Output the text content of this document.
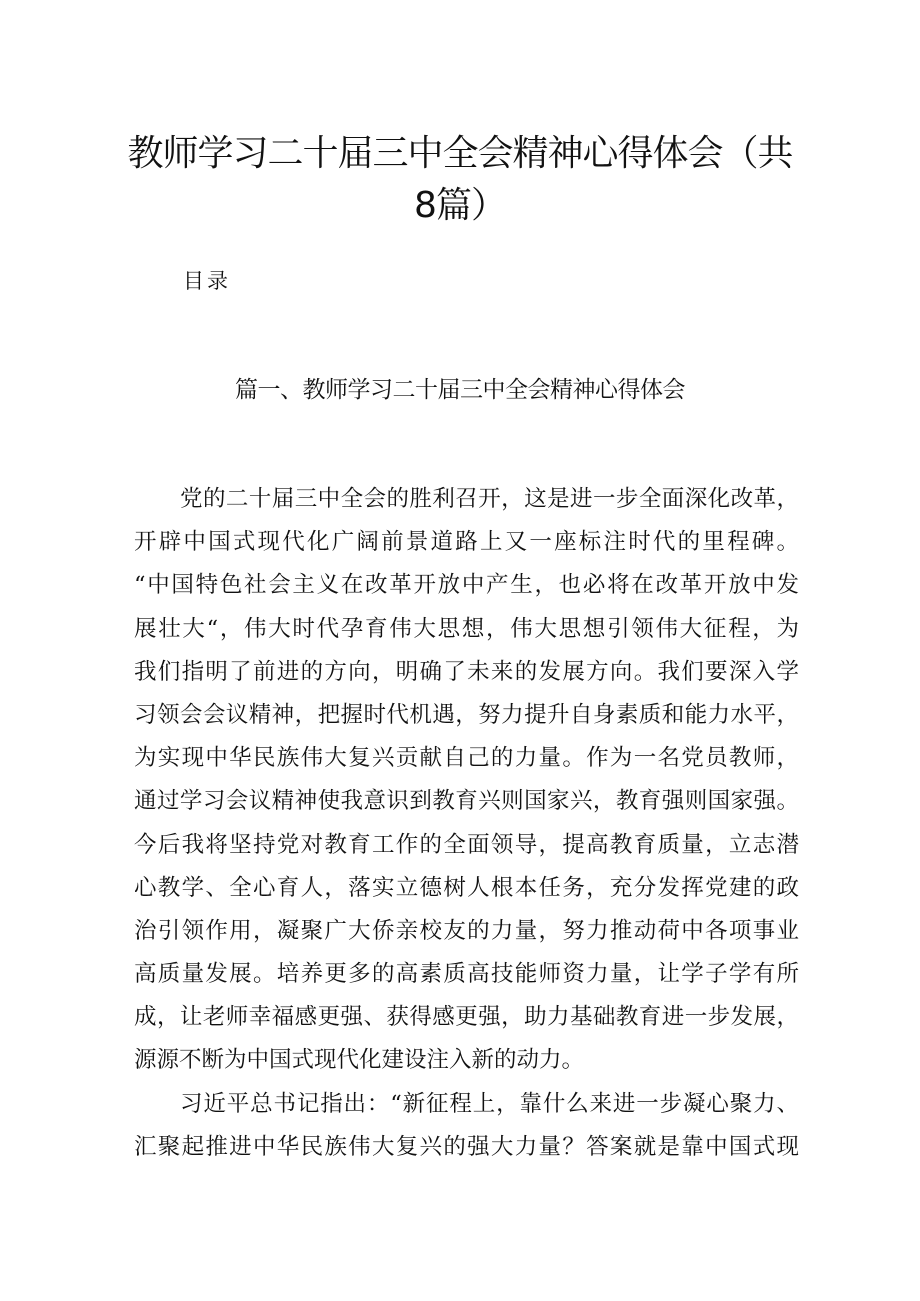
教师学习二十届三中全会精神心得体会（共
8篇）

目录

篇一、教师学习二十届三中全会精神心得体会
党的二十届三中全会的胜利召开，这是进一步全面深化改革，
开辟中国式现代化广阔前景道路上又一座标注时代的里程碑。
“中国特色社会主义在改革开放中产生，也必将在改革开放中发
展壮大“，伟大时代孕育伟大思想，伟大思想引领伟大征程，为
我们指明了前进的方向，明确了未来的发展方向。我们要深入学
习领会会议精神，把握时代机遇，努力提升自身素质和能力水平，
为实现中华民族伟大复兴贡献自己的力量。作为一名党员教师，
通过学习会议精神使我意识到教育兴则国家兴，教育强则国家强。
今后我将坚持党对教育工作的全面领导，提高教育质量，立志潜
心教学、全心育人，落实立德树人根本任务，充分发挥党建的政
治引领作用，凝聚广大侨亲校友的力量，努力推动荷中各项事业
高质量发展。培养更多的高素质高技能师资力量，让学子学有所
成，让老师幸福感更强、获得感更强，助力基础教育进一步发展，
源源不断为中国式现代化建设注入新的动力。
习近平总书记指出：“新征程上，靠什么来进一步凝心聚力、
汇聚起推进中华民族伟大复兴的强大力量？答案就是靠中国式现
